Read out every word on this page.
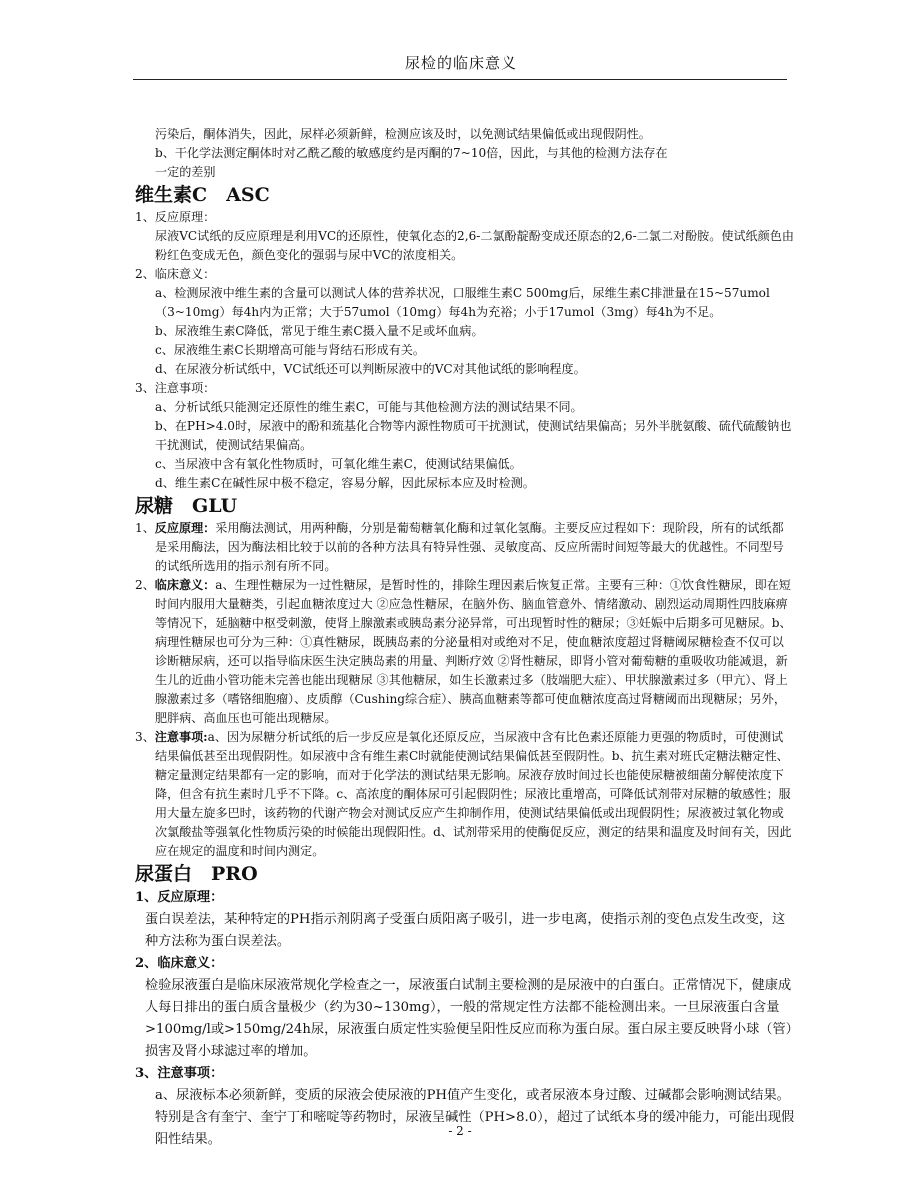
尿检的临床意义

污染后，酮体消失，因此，尿样必须新鲜，检测应该及时，以免测试结果偏低或出现假阴性。

b、干化学法测定酮体时对乙酰乙酸的敏感度约是丙酮的7~10倍，因此，与其他的检测方法存在

一定的差别

维生素C　ASC

1、反应原理：

尿液VC试纸的反应原理是利用VC的还原性，使氧化态的2,6-二氯酚靛酚变成还原态的2,6-二氯二对酚胺。使试纸颜色由粉红色变成无色，颜色变化的强弱与尿中VC的浓度相关。

2、临床意义：

a、检测尿液中维生素的含量可以测试人体的营养状况，口服维生素C 500mg后，尿维生素C排泄量在15~57umol（3~10mg）每4h内为正常；大于57umol（10mg）每4h为充裕；小于17umol（3mg）每4h为不足。

b、尿液维生素C降低，常见于维生素C摄入量不足或坏血病。

c、尿液维生素C长期增高可能与肾结石形成有关。

d、在尿液分析试纸中，VC试纸还可以判断尿液中的VC对其他试纸的影响程度。

3、注意事项：

a、分析试纸只能测定还原性的维生素C，可能与其他检测方法的测试结果不同。

b、在PH>4.0时，尿液中的酚和巯基化合物等内源性物质可干扰测试，使测试结果偏高；另外半胱氨酸、硫代硫酸钠也干扰测试，使测试结果偏高。

c、当尿液中含有氧化性物质时，可氧化维生素C，使测试结果偏低。

d、维生素C在碱性尿中极不稳定，容易分解，因此尿标本应及时检测。

尿糖　GLU

1、反应原理：采用酶法测试，用两种酶，分别是葡萄糖氧化酶和过氧化氢酶。主要反应过程如下：现阶段，所有的试纸都是采用酶法，因为酶法相比较于以前的各种方法具有特异性强、灵敏度高、反应所需时间短等最大的优越性。不同型号的试纸所选用的指示剂有所不同。

2、临床意义：a、生理性糖尿为一过性糖尿，是暂时性的，排除生理因素后恢复正常。主要有三种：①饮食性糖尿，即在短时间内服用大量糖类，引起血糖浓度过大 ②应急性糖尿，在脑外伤、脑血管意外、情绪激动、剧烈运动周期性四肢麻痹等情况下，延脑糖中枢受刺激，使肾上腺激素或胰岛素分泌异常，可出现暂时性的糖尿；③妊娠中后期多可见糖尿。b、病理性糖尿也可分为三种：①真性糖尿，既胰岛素的分泌量相对或绝对不足，使血糖浓度超过肾糖阈尿糖检查不仅可以诊断糖尿病，还可以指导临床医生決定胰岛素的用量、判断疗效 ②肾性糖尿，即肾小管对葡萄糖的重吸收功能减退，新生儿的近曲小管功能未完善也能出现糖尿 ③其他糖尿，如生长激素过多（肢端肥大症）、甲状腺激素过多（甲亢）、肾上腺激素过多（嗜铬细胞瘤）、皮质醇（Cushing综合症）、胰高血糖素等都可使血糖浓度高过肾糖阈而出现糖尿；另外，肥胖病、高血压也可能出现糖尿。

3、注意事项:a、因为尿糖分析试纸的后一步反应是氧化还原反应，当尿液中含有比色素还原能力更强的物质时，可使测试结果偏低甚至出现假阴性。如尿液中含有维生素C时就能使测试结果偏低甚至假阴性。b、抗生素对班氏定糖法糖定性、糖定量测定结果都有一定的影响，而对于化学法的测试结果无影响。尿液存放时间过长也能使尿糖被细菌分解使浓度下降，但含有抗生素时几乎不下降。c、高浓度的酮体尿可引起假阴性；尿液比重增高，可降低试剂带对尿糖的敏感性；服用大量左旋多巴时，该药物的代谢产物会对测试反应产生抑制作用，使测试结果偏低或出现假阴性；尿液被过氧化物或次氯酸盐等强氧化性物质污染的时候能出现假阳性。d、试剂带采用的使酶促反应，测定的结果和温度及时间有关，因此应在规定的温度和时间内测定。

尿蛋白　PRO

1、反应原理：

蛋白误差法，某种特定的PH指示剂阴离子受蛋白质阳离子吸引，进一步电离，使指示剂的变色点发生改变，这种方法称为蛋白误差法。

2、临床意义：

检验尿液蛋白是临床尿液常规化学检查之一，尿液蛋白试制主要检测的是尿液中的白蛋白。正常情况下，健康成人每日排出的蛋白质含量极少（约为30~130mg），一般的常规定性方法都不能检测出来。一旦尿液蛋白含量>100mg/l或>150mg/24h尿，尿液蛋白质定性实验便呈阳性反应而称为蛋白尿。蛋白尿主要反映肾小球（管）损害及肾小球滤过率的增加。

3、注意事项：

a、尿液标本必须新鲜，变质的尿液会使尿液的PH值产生变化，或者尿液本身过酸、过碱都会影响测试结果。特别是含有奎宁、奎宁丁和嘧啶等药物时，尿液呈碱性（PH>8.0），超过了试纸本身的缓冲能力，可能出现假阳性结果。

- 2 -
